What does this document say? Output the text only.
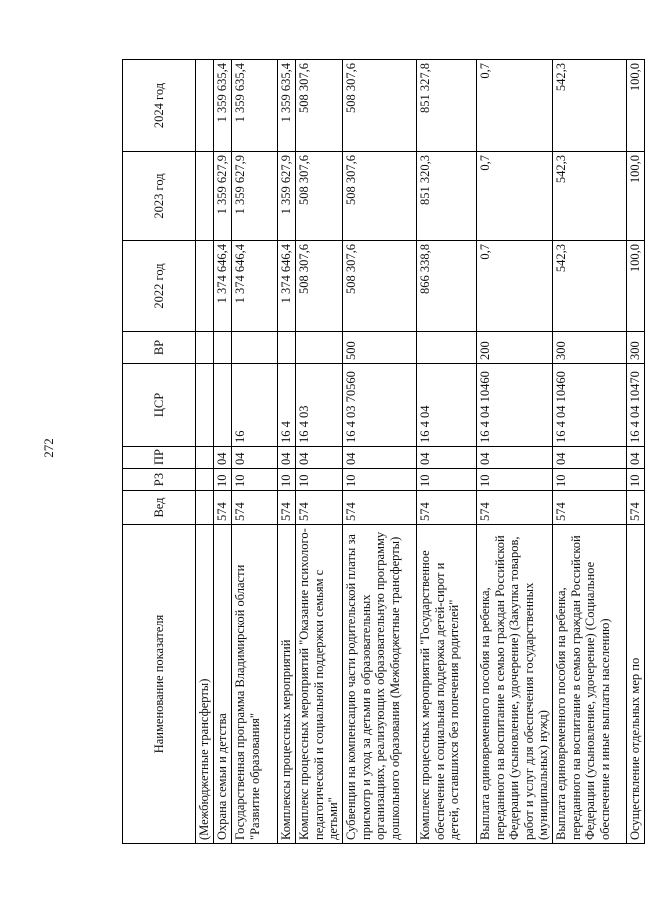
272
Наименование показателя	Вед	РЗ	ПР	ЦСР	ВР	2022 год	2023 год	2024 год
(Межбюджетные трансферты)								
Охрана семьи и детства	574	10	04			1 374 646,4	1 359 627,9	1 359 635,4
Государственная программа Владимирской области "Развитие образования"	574	10	04	16		1 374 646,4	1 359 627,9	1 359 635,4
Комплексы процессных мероприятий	574	10	04	16 4		1 374 646,4	1 359 627,9	1 359 635,4
Комплекс процессных мероприятий "Оказание психолого-педагогической и социальной поддержки семьям с детьми"	574	10	04	16 4 03		508 307,6	508 307,6	508 307,6
Субвенции на компенсацию части родительской платы за присмотр и уход за детьми в образовательных организациях, реализующих образовательную программу дошкольного образования (Межбюджетные трансферты)	574	10	04	16 4 03 70560	500	508 307,6	508 307,6	508 307,6
Комплекс процессных мероприятий "Государственное обеспечение и социальная поддержка детей-сирот и детей, оставшихся без попечения родителей"	574	10	04	16 4 04		866 338,8	851 320,3	851 327,8
Выплата единовременного пособия на ребенка, переданного на воспитание в семью граждан Российской Федерации (усыновление, удочерение) (Закупка товаров, работ и услуг для обеспечения государственных (муниципальных) нужд)	574	10	04	16 4 04 10460	200	0,7	0,7	0,7
Выплата единовременного пособия на ребенка, переданного на воспитание в семью граждан Российской Федерации (усыновление, удочерение) (Социальное обеспечение и иные выплаты населению)	574	10	04	16 4 04 10460	300	542,3	542,3	542,3
Осуществление отдельных мер по	574	10	04	16 4 04 10470	300	100,0	100,0	100,0
